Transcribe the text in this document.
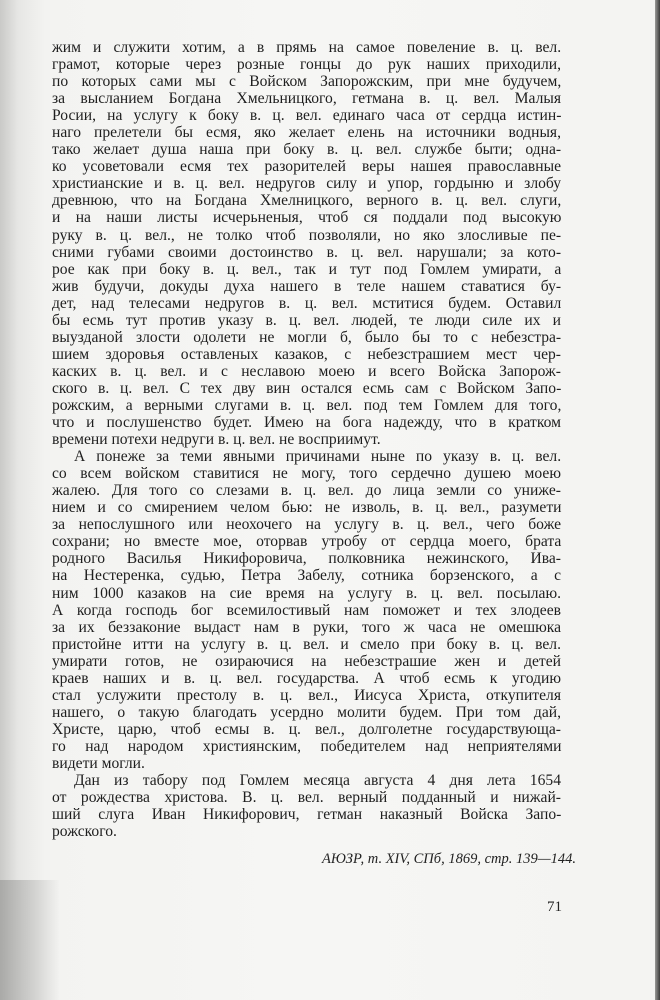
жим и служити хотим, а в прямь на самое повеление в. ц. вел.
грамот, которые через розные гонцы до рук наших приходили,
по которых сами мы с Войском Запорожским, при мне будучем,
за высланием Богдана Хмельницкого, гетмана в. ц. вел. Малыя
Росии, на услугу к боку в. ц. вел. единаго часа от сердца истин-
наго прелетели бы есмя, яко желает елень на источники водныя,
тако желает душа наша при боку в. ц. вел. службе быти; одна-
ко усоветовали есмя тех разорителей веры нашея православные
христианские и в. ц. вел. недругов силу и упор, гордыню и злобу
древнюю, что на Богдана Хмелницкого, верного в. ц. вел. слуги,
и на наши листы исчерьненыя, чтоб ся поддали под высокую
руку в. ц. вел., не толко чтоб позволяли, но яко злосливые пе-
сними губами своими достоинство в. ц. вел. нарушали; за кото-
рое как при боку в. ц. вел., так и тут под Гомлем умирати, а
жив будучи, докуды духа нашего в теле нашем ставатися бу-
дет, над телесами недругов в. ц. вел. мститися будем. Оставил
бы есмь тут против указу в. ц. вел. людей, те люди силе их и
выузданой злости одолети не могли б, было бы то с небезстра-
шием здоровья оставленых казаков, с небезстрашием мест чер-
каских в. ц. вел. и с неславою моею и всего Войска Запорож-
ского в. ц. вел. С тех дву вин остался есмь сам с Войском Запо-
рожским, а верными слугами в. ц. вел. под тем Гомлем для того,
что и послушенство будет. Имею на бога надежду, что в кратком
времени потехи недруги в. ц. вел. не восприимут.
А понеже за теми явными причинами ныне по указу в. ц. вел.
со всем войском ставитися не могу, того сердечно душею моею
жалею. Для того со слезами в. ц. вел. до лица земли со униже-
нием и со смирением челом бью: не изволь, в. ц. вел., разумети
за непослушного или неохочего на услугу в. ц. вел., чего боже
сохрани; но вместе мое, оторвав утробу от сердца моего, брата
родного Василья Никифоровича, полковника нежинского, Ива-
на Нестеренка, судью, Петра Забелу, сотника борзенского, а с
ним 1000 казаков на сие время на услугу в. ц. вел. посылаю.
А когда господь бог всемилостивый нам поможет и тех злодеев
за их беззаконие выдаст нам в руки, того ж часа не омешюка
пристойне итти на услугу в. ц. вел. и смело при боку в. ц. вел.
умирати готов, не озираючися на небезстрашие жен и детей
краев наших и в. ц. вел. государства. А чтоб есмь к угодию
стал услужити престолу в. ц. вел., Иисуса Христа, откупителя
нашего, о такую благодать усердно молити будем. При том дай,
Христе, царю, чтоб есмы в. ц. вел., долголетне государствующа-
го над народом християнским, победителем над неприятелями
видети могли.
Дан из табору под Гомлем месяца августа 4 дня лета 1654
от рождества христова. В. ц. вел. верный подданный и нижай-
ший слуга Иван Никифорович, гетман наказный Войска Запо-
рожского.
АЮЗР, т. XIV, СПб, 1869, стр. 139—144.
71
